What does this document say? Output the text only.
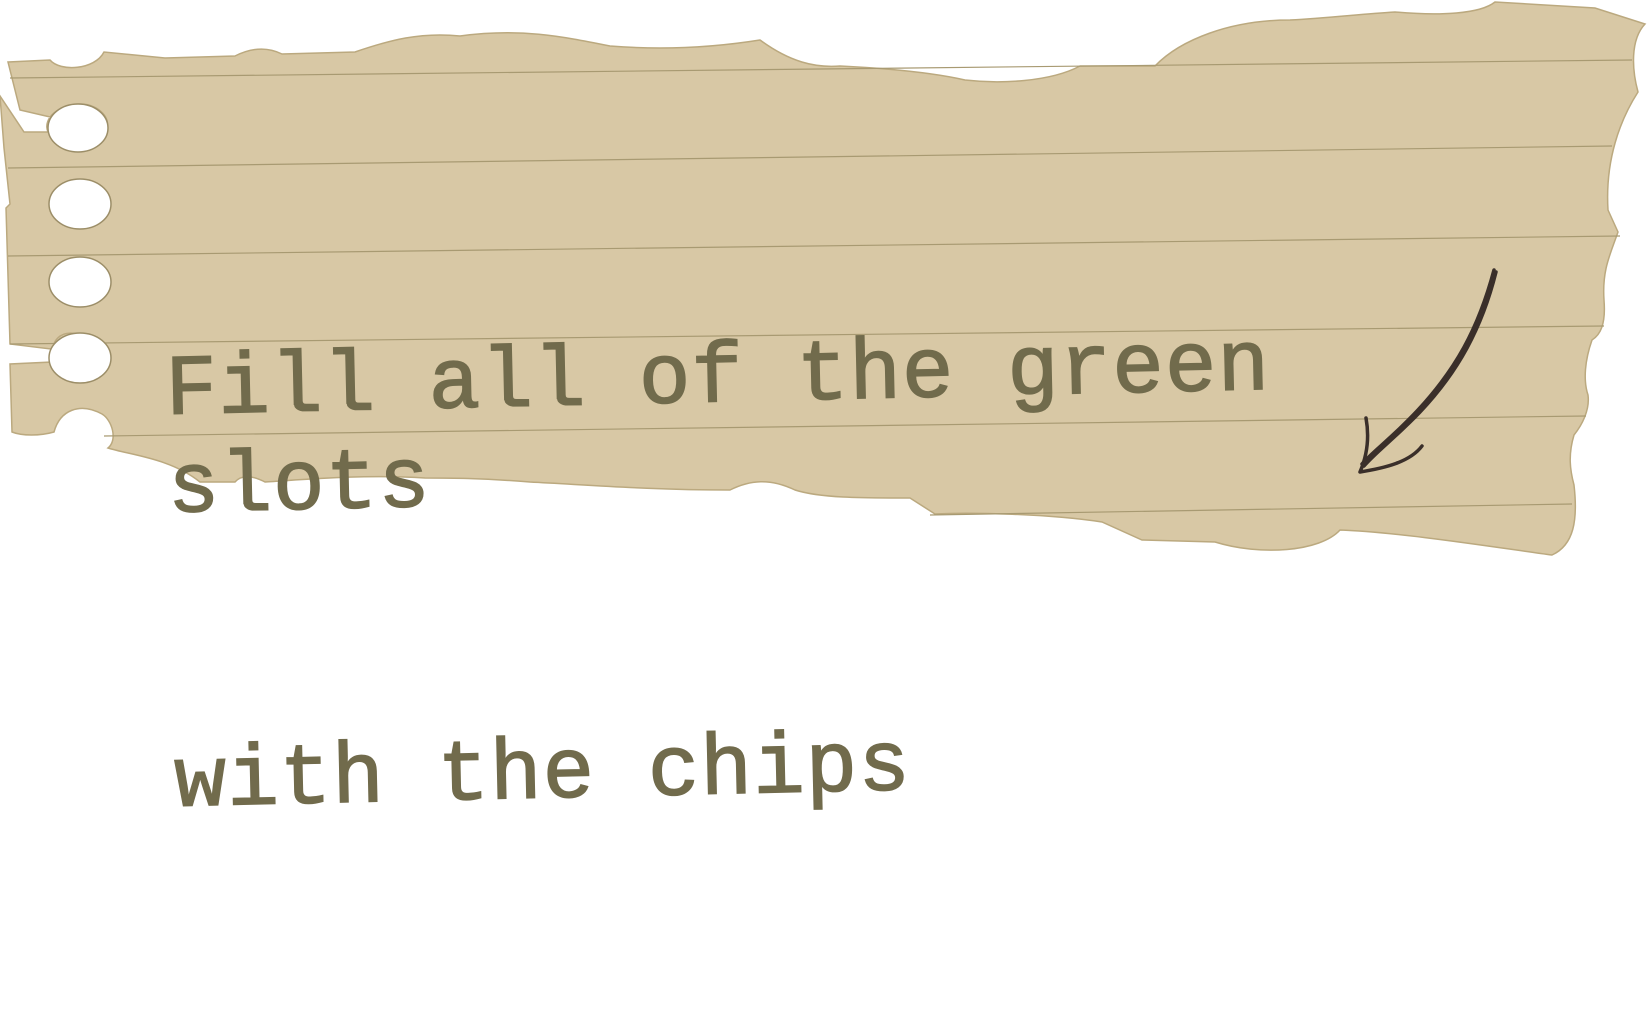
Fill all of the green slots

with the chips
